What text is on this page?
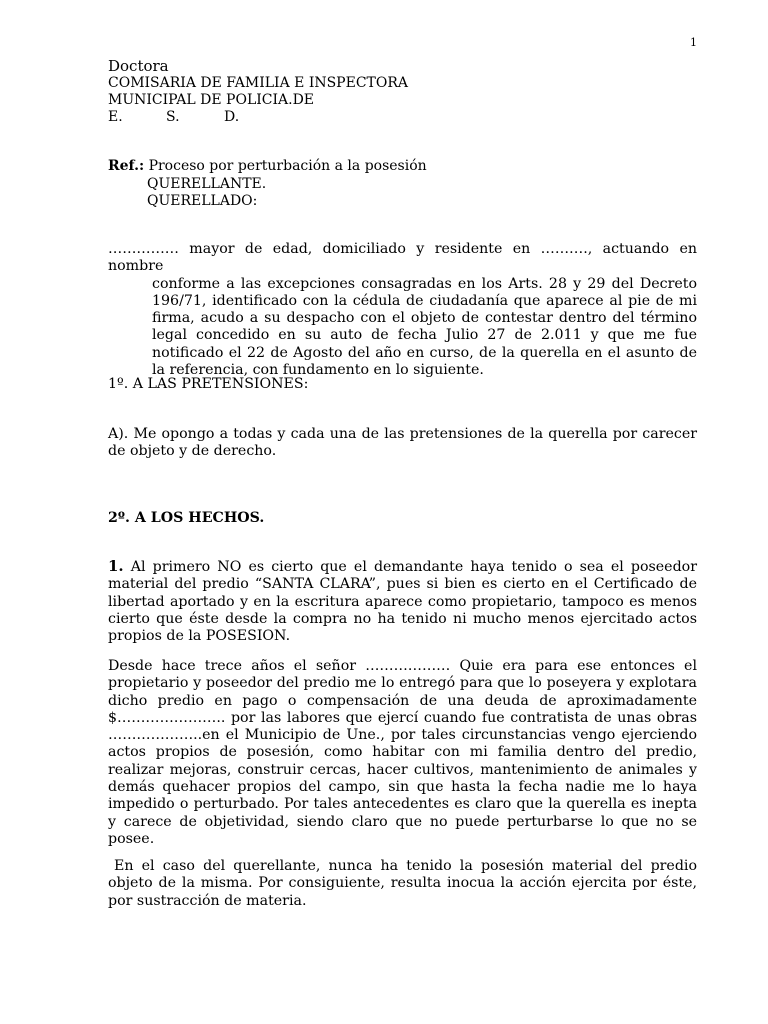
1
Doctora
COMISARIA DE FAMILIA E INSPECTORA
MUNICIPAL DE POLICIA.DE
E.	S.	D.
Ref.: Proceso por perturbación a la posesión
QUERELLANTE.
QUERELLADO:

…………… mayor de edad, domiciliado y residente en ………., actuando en nombre

conforme a las excepciones consagradas en los Arts. 28 y 29 del Decreto 196/71, identificado con la cédula de ciudadanía que aparece al pie de mi firma, acudo a su despacho con el objeto de contestar dentro del término legal concedido en su auto de fecha Julio 27 de 2.011 y que me fue notificado el 22 de Agosto del año en curso, de la querella en el asunto de la referencia, con fundamento en lo siguiente.

1º. A LAS PRETENSIONES:
A). Me opongo a todas y cada una de las pretensiones de la querella por carecer de objeto y de derecho.
2º. A LOS HECHOS.
1. Al primero NO es cierto que el demandante haya tenido o sea el poseedor material del predio “SANTA CLARA”, pues si bien es cierto en el Certificado de libertad aportado y en la escritura aparece como propietario, tampoco es menos cierto que éste desde la compra no ha tenido ni mucho menos ejercitado actos propios de la POSESION.
Desde hace trece años el señor ……………… Quie era para ese entonces el propietario y poseedor del predio me lo entregó para que lo poseyera y explotara dicho predio en pago o compensación de una deuda de aproximadamente $………………….. por las labores que ejercí cuando fue contratista de unas obras ………………..en el Municipio de Une., por tales circunstancias vengo ejerciendo actos propios de posesión, como habitar con mi familia dentro del predio, realizar mejoras, construir cercas, hacer cultivos, mantenimiento de animales y demás quehacer propios del campo, sin que hasta la fecha nadie me lo haya impedido o perturbado. Por tales antecedentes es claro que la querella es inepta y carece de objetividad, siendo claro que no puede perturbarse lo que no se posee.
En el caso del querellante, nunca ha tenido la posesión material del predio objeto de la misma. Por consiguiente, resulta inocua la acción ejercita por éste, por sustracción de materia.
